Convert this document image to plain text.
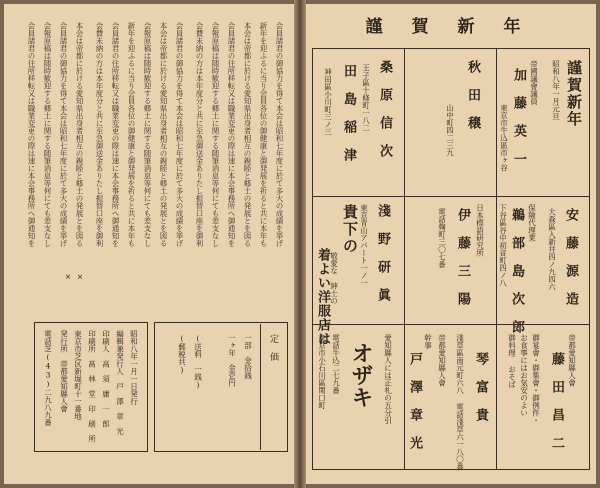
会員諸君の御協力を得て本会は昭和七年度に於て多大の成績を挙げ
新年を迎ふるに当り会員各位の御健康と御発展を祈ると共に本年も
本会は帝都に於ける愛知県出身者相互の親睦と郷土の発展とを図る
会員諸君の住所移転又は職業変更の際は速に本会事務所へ御通知を
会報原稿は随時歓迎する郷土に関する随筆消息等何にても差支なし
会費未納の方は本年度分と共に至急御送金ありたし振替口座を御利
会員諸君の御協力を得て本会は昭和七年度に於て多大の成績を挙げ
本会は帝都に於ける愛知県出身者相互の親睦と郷土の発展とを図る
会報原稿は随時歓迎する郷土に関する随筆消息等何にても差支なし
新年を迎ふるに当り会員各位の御健康と御発展を祈ると共に本年も
会員諸君の住所移転又は職業変更の際は速に本会事務所へ御通知を
会費未納の方は本年度分と共に至急御送金ありたし振替口座を御利
本会は帝都に於ける愛知県出身者相互の親睦と郷土の発展とを図る
会員諸君の御協力を得て本会は昭和七年度に於て多大の成績を挙げ
会報原稿は随時歓迎する郷土に関する随筆消息等何にても差支なし
会員諸君の住所移転又は職業変更の際は速に本会事務所へ御通知を
× ×
定　価
一部　金拾銭
一ヶ年　金壱円
(送料　一銭)
(郵税共)
昭和八年一月一日発行
編輯兼発行人　戸　澤　章　光
印刷人　高　須　庸　一　郎
印刷所　髙　林　堂　印　刷　所
東京市芝区新堀町十一番地
発行所　帝都愛知縣人會
電話芝(43)二九八九番
謹　賀　新　年
謹賀新年
昭和八年一月元旦
帝國議會議員
加　藤　英　一
東京市牛込區市ヶ谷
秋　田　穣
山中町四二三九
桑　原　信　次
王子區十條町一八二
田　島　稲　津
神田區小川町三ノ三
安　藤　源　造
大森區入新井四ノ九四六
保險代理業
鵜　部　島　次　郎
下谷區谷中初音町四ノ八
日本標語研究所
伊　藤　三　陽
電話麹町三〇七番
淺　野　研　眞
東京青山アパート一ノ一
貴下の
敬愛な　紳士の
着よい洋服店は
帝都愛知縣人會
藤　田　昌　二
御宴會・御集會・御例件・
お食事にはお気安のよい
御料理 おそば
琴　富　貴
淺草區南元町六八 電話淺草六一八〇番
帝都愛知縣人會
幹事
戸　澤　章　光
愛知縣人には正札の五分引
オザキ
電話牛込二七九番
東京市小石川區関口町
